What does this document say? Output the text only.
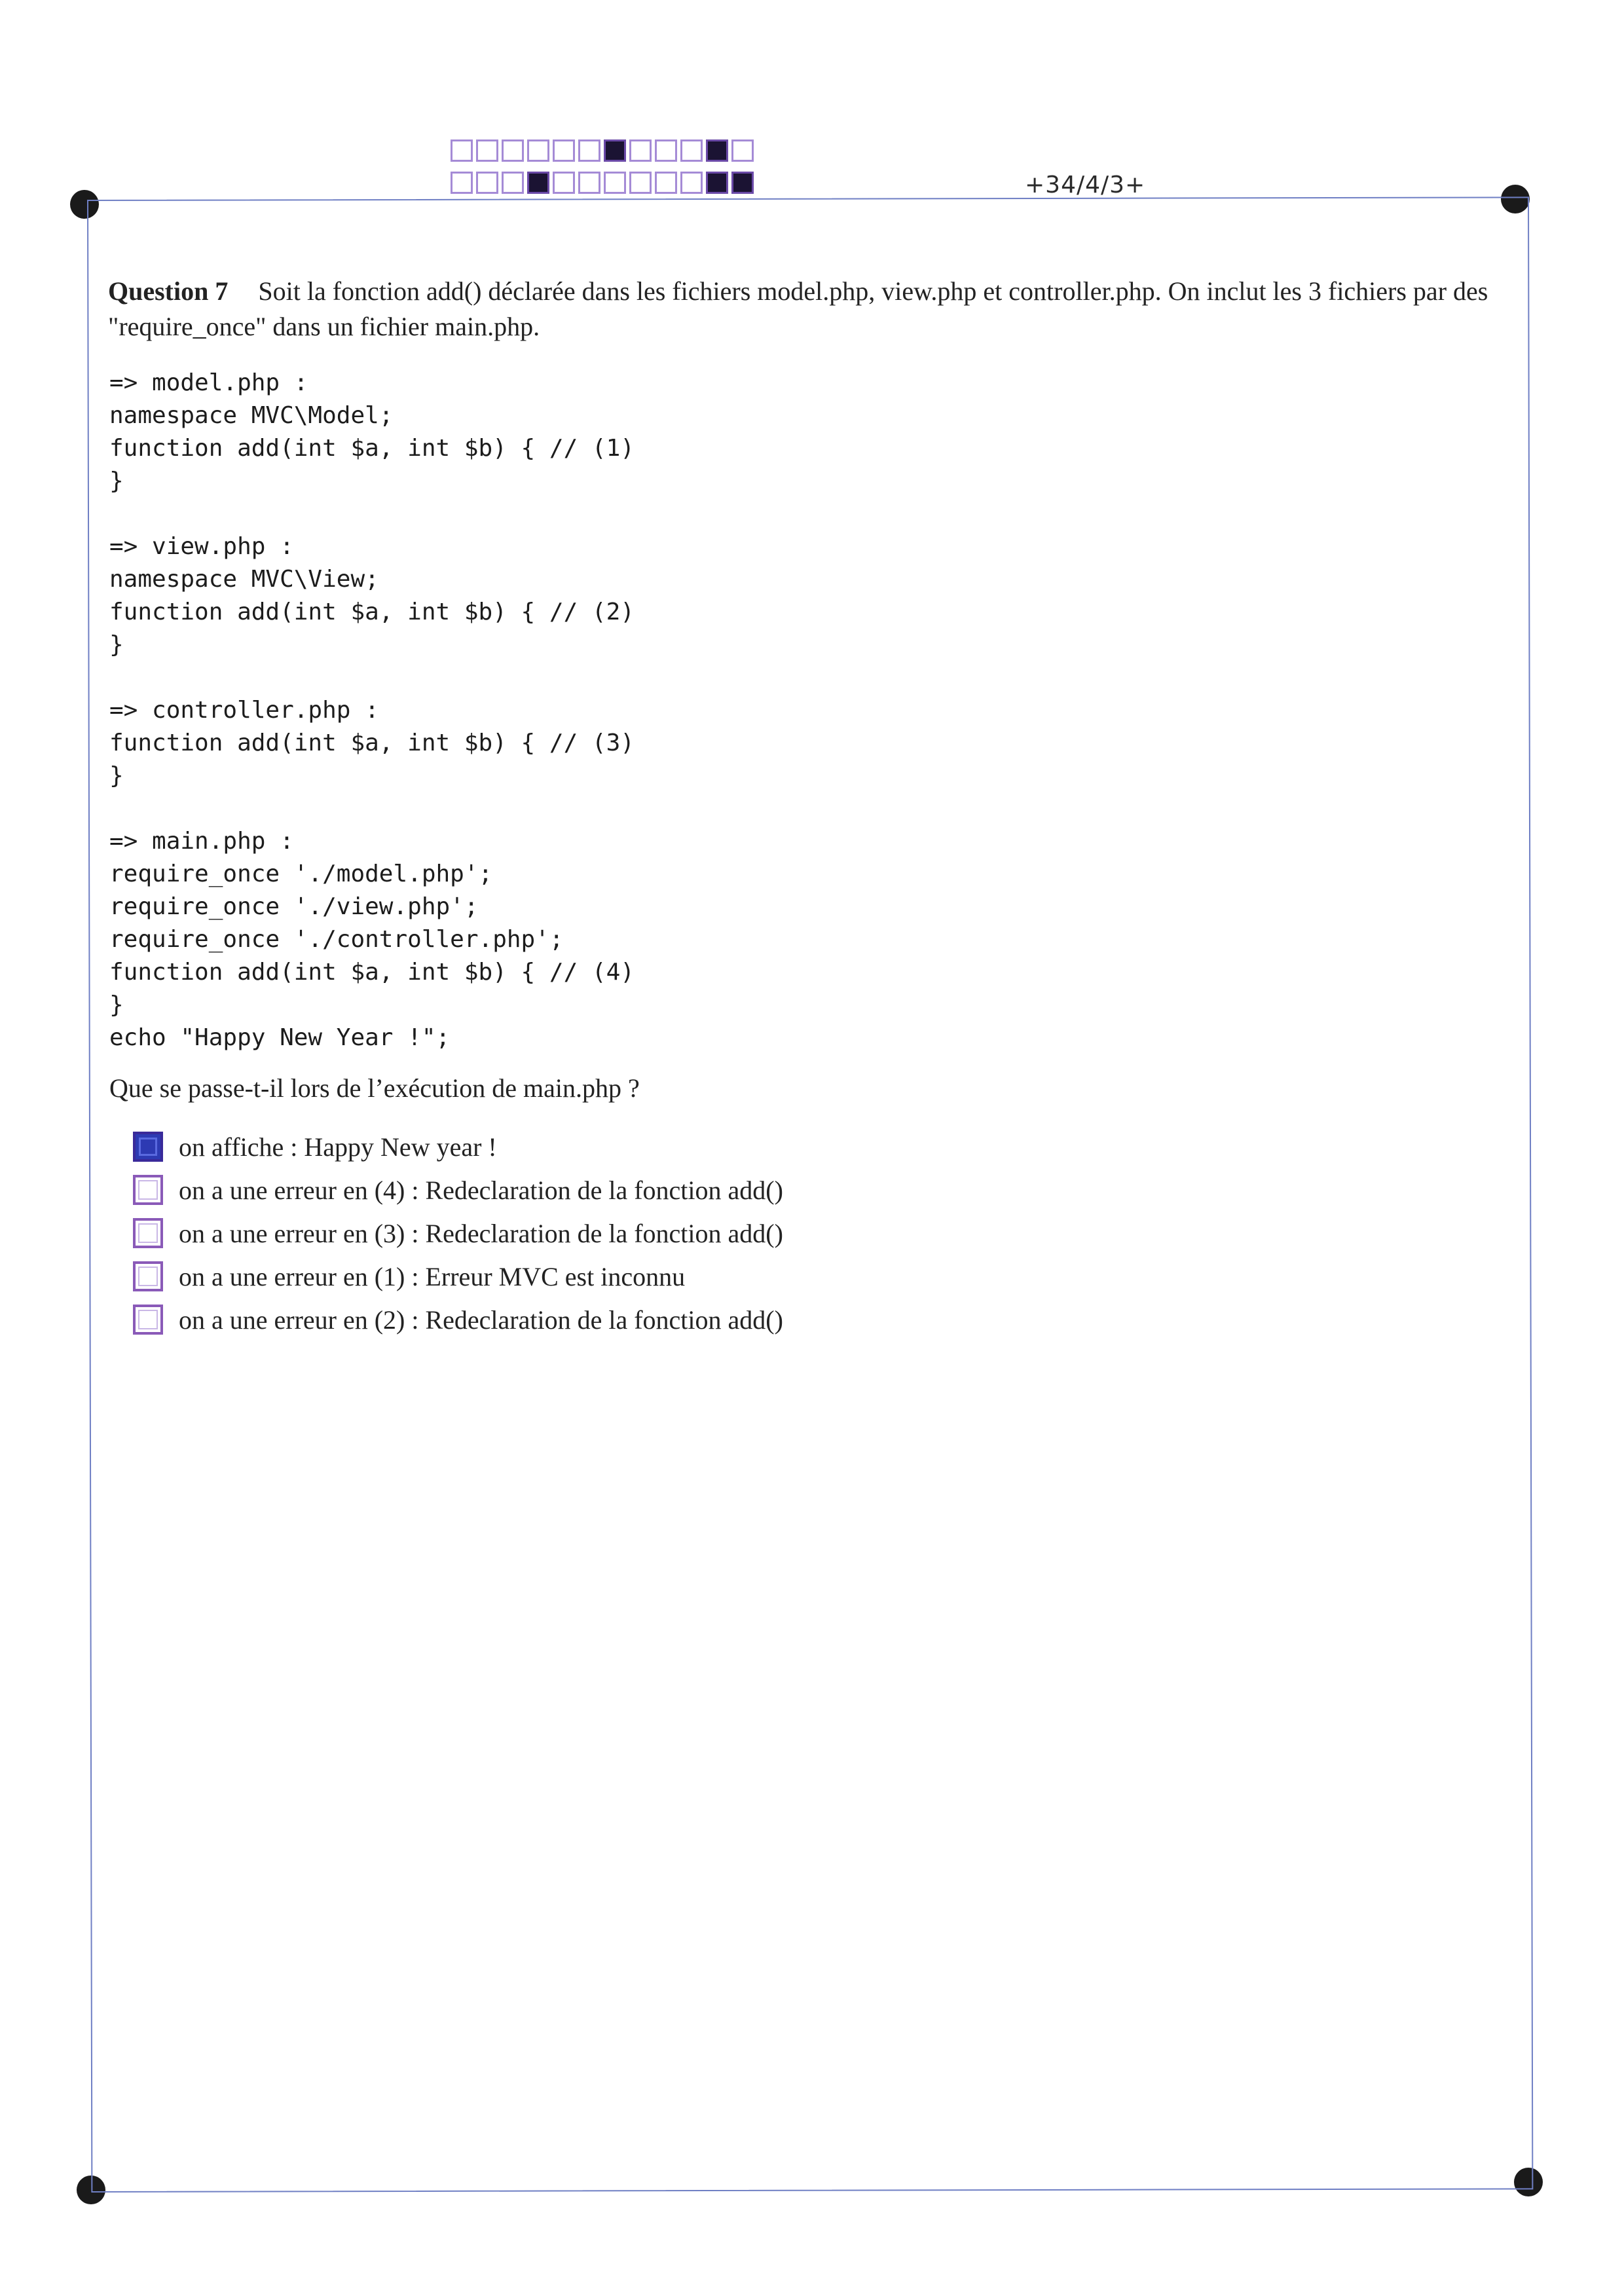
+34/4/3+
Question 7 Soit la fonction add() déclarée dans les fichiers model.php, view.php et controller.php. On inclut les 3 fichiers par des "require_once" dans un fichier main.php.
=> model.php :
namespace MVC\Model;
function add(int $a, int $b) { // (1)
}
=> view.php :
namespace MVC\View;
function add(int $a, int $b) { // (2)
}
=> controller.php :
function add(int $a, int $b) { // (3)
}
=> main.php :
require_once './model.php';
require_once './view.php';
require_once './controller.php';
function add(int $a, int $b) { // (4)
}
echo "Happy New Year !";
Que se passe-t-il lors de l’exécution de main.php ?
on affiche : Happy New year !
on a une erreur en (4) : Redeclaration de la fonction add()
on a une erreur en (3) : Redeclaration de la fonction add()
on a une erreur en (1) : Erreur MVC est inconnu
on a une erreur en (2) : Redeclaration de la fonction add()
